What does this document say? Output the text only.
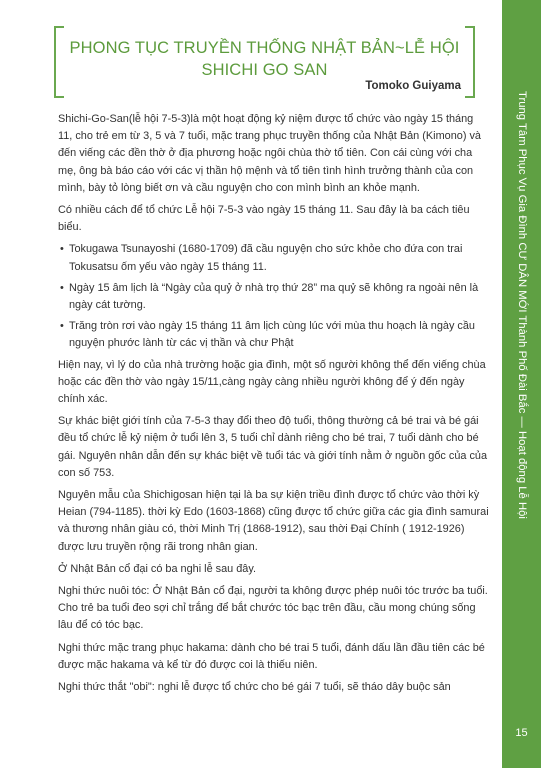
PHONG TỤC TRUYỀN THỐNG NHẬT BẢN~LỄ HỘI
SHICHI GO SAN
Tomoko Guiyama

Shichi-Go-San(lễ hội 7-5-3)là một hoạt động kỷ niệm được tổ chức vào ngày 15 tháng 11, cho trẻ em từ 3, 5 và 7 tuổi, mặc trang phục truyền thống của Nhật Bản (Kimono) và đến viếng các đền thờ ở địa phương hoặc ngôi chùa thờ tổ tiên. Con cái cùng với cha mẹ, ông bà báo cáo với các vị thần hộ mệnh và tổ tiên tình hình trưởng thành của con mình, bày tỏ lòng biết ơn và cầu nguyện cho con mình bình an khỏe mạnh.

Có nhiều cách để tổ chức Lễ hội 7-5-3 vào ngày 15 tháng 11. Sau đây là ba cách tiêu biểu.

• Tokugawa Tsunayoshi (1680-1709) đã cầu nguyện cho sức khỏe cho đứa con trai Tokusatsu ốm yếu vào ngày 15 tháng 11.
• Ngày 15 âm lịch là “Ngày của quỷ ở nhà trọ thứ 28” ma quỷ sẽ không ra ngoài nên là ngày cát tường.
• Trăng tròn rơi vào ngày 15 tháng 11 âm lịch cùng lúc với mùa thu hoạch là ngày cầu nguyện phước lành từ các vị thần và chư Phật

Hiện nay, vì lý do của nhà trường hoặc gia đình, một số người không thể đến viếng chùa hoặc các đền thờ vào ngày 15/11,càng ngày càng nhiều người không để ý đến ngày chính xác.

Sự khác biệt giới tính của 7-5-3 thay đổi theo độ tuổi, thông thường cả bé trai và bé gái đều tổ chức lễ kỷ niệm ở tuổi lên 3, 5 tuổi chỉ dành riêng cho bé trai, 7 tuổi dành cho bé gái. Nguyên nhân dẫn đến sự khác biệt về tuổi tác và giới tính nằm ở nguồn gốc của của con số 753.

Nguyên mẫu của Shichigosan hiện tại là ba sự kiện triều đình được tổ chức vào thời kỳ Heian (794-1185). thời kỳ Edo (1603-1868) cũng được tổ chức giữa các gia đình samurai và thương nhân giàu có, thời Minh Trị (1868-1912), sau thời Đại Chính ( 1912-1926) được lưu truyền rộng rãi trong nhân gian.

Ở Nhật Bản cổ đại có ba nghi lễ sau đây.

Nghi thức nuôi tóc: Ở Nhật Bản cổ đại, người ta không được phép nuôi tóc trước ba tuổi. Cho trẻ ba tuổi đeo sợi chỉ trắng để bắt chước tóc bạc trên đầu, cầu mong chúng sống lâu để có tóc bạc.

Nghi thức mặc trang phục hakama: dành cho bé trai 5 tuổi, đánh dấu lần đầu tiên các bé được mặc hakama và kể từ đó được coi là thiếu niên.

Nghi thức thắt "obi": nghi lễ được tổ chức cho bé gái 7 tuổi, sẽ tháo dây buộc sản

Trung Tâm Phục Vụ Gia Đình CƯ DÂN MỚI Thành Phố Đài Bắc — Hoạt động Lễ Hội
15
